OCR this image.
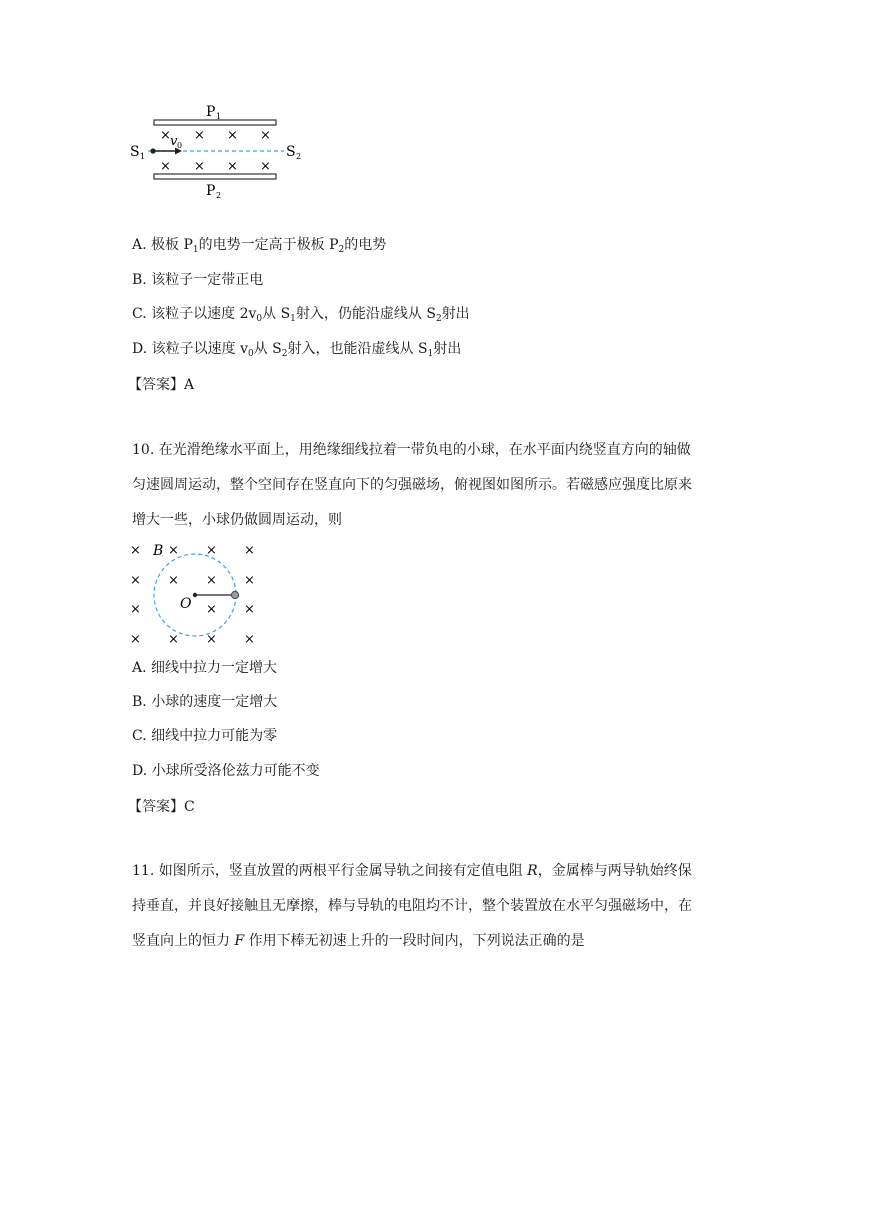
× × × ×
× × × ×
P 1
P 2
S 1	S 2
v 0
A. 极板 $P_1$的电势一定高于极板 $P_2$的电势
B. 该粒子一定带正电
C. 该粒子以速度 $2v_0$从 $S_1$射入，仍能沿虚线从 $S_2$射出
D. 该粒子以速度 $v_0$从 $S_2$射入，也能沿虚线从 $S_1$射出
【答案】A
10. 在光滑绝缘水平面上，用绝缘细线拉着一带负电的小球，在水平面内绕竖直方向的轴做
匀速圆周运动，整个空间存在竖直向下的匀强磁场，俯视图如图所示。若磁感应强度比原来
增大一些，小球仍做圆周运动，则
× × × ×
× × × ×
×	× ×
× × × ×
B
O
A. 细线中拉力一定增大
B. 小球的速度一定增大
C. 细线中拉力可能为零
D. 小球所受洛伦兹力可能不变
【答案】C
11. 如图所示，竖直放置的两根平行金属导轨之间接有定值电阻 R，金属棒与两导轨始终保
持垂直，并良好接触且无摩擦，棒与导轨的电阻均不计，整个装置放在水平匀强磁场中，在
竖直向上的恒力 F 作用下棒无初速上升的一段时间内，下列说法正确的是
